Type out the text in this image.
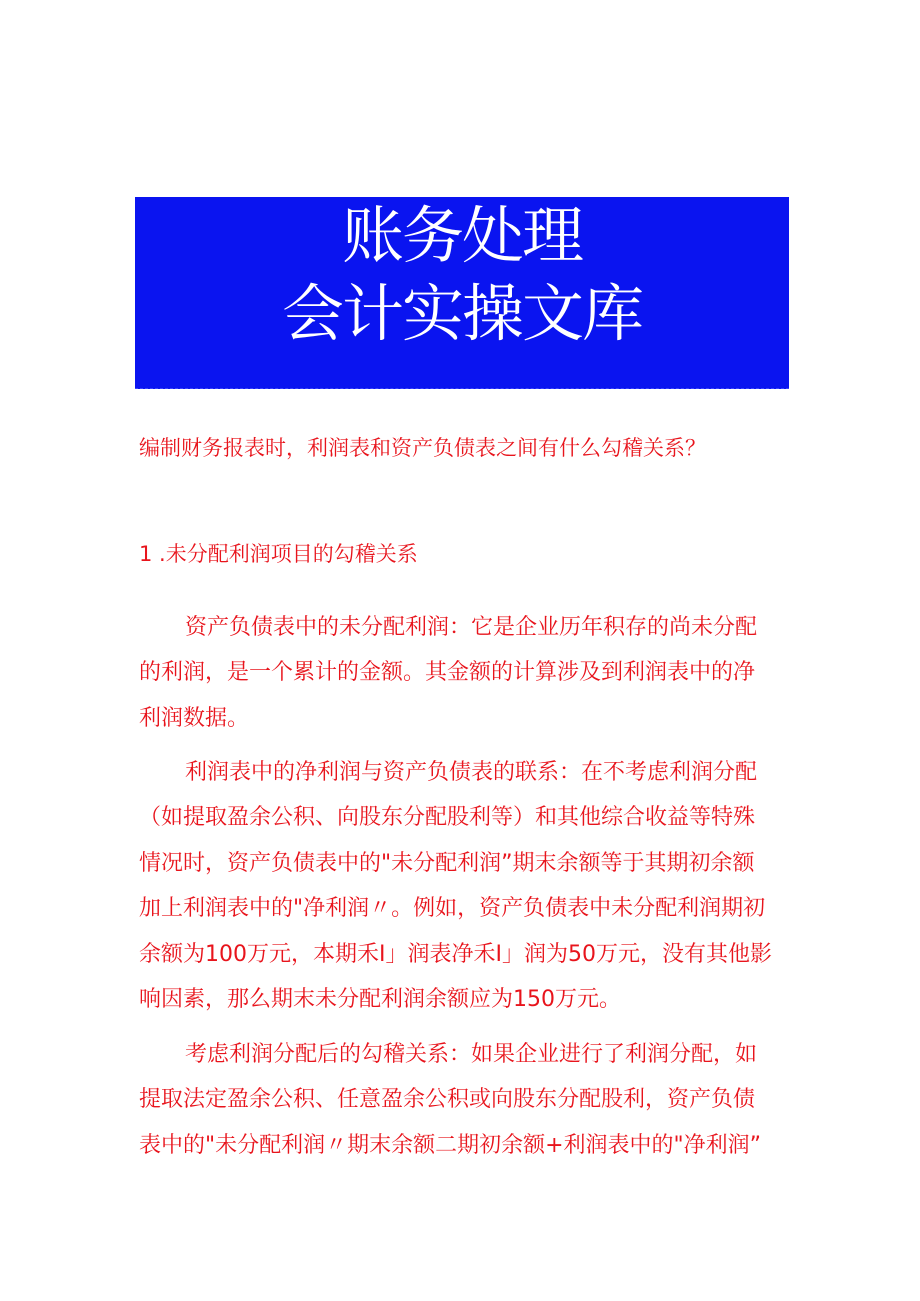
账务处理
会计实操文库
编制财务报表时，利润表和资产负债表之间有什么勾稽关系？
1 .未分配利润项目的勾稽关系
资产负债表中的未分配利润：它是企业历年积存的尚未分配
的利润，是一个累计的金额。其金额的计算涉及到利润表中的净
利润数据。
利润表中的净利润与资产负债表的联系：在不考虑利润分配
（如提取盈余公积、向股东分配股利等）和其他综合收益等特殊
情况时，资产负债表中的"未分配利润”期末余额等于其期初余额
加上利润表中的"净利润〃。例如，资产负债表中未分配利润期初
余额为100万元，本期禾I」润表净禾I」润为50万元，没有其他影
响因素，那么期末未分配利润余额应为150万元。
考虑利润分配后的勾稽关系：如果企业进行了利润分配，如
提取法定盈余公积、任意盈余公积或向股东分配股利，资产负债
表中的"未分配利润〃期末余额二期初余额+利润表中的"净利润”
